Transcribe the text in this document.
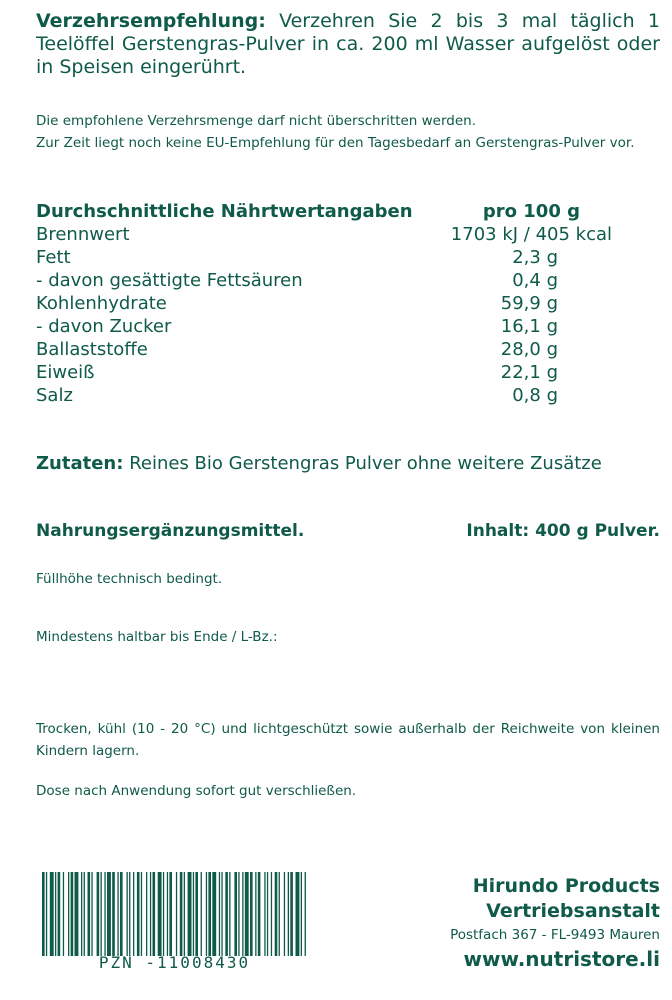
Verzehrsempfehlung: Verzehren Sie 2 bis 3 mal täglich 1 Teelöffel Gerstengras-Pulver in ca. 200 ml Wasser aufgelöst oder in Speisen eingerührt.
Die empfohlene Verzehrsmenge darf nicht überschritten werden.
Zur Zeit liegt noch keine EU-Empfehlung für den Tagesbedarf an Gerstengras-Pulver vor.
Durchschnittliche Nährtwertangaben	pro 100 g
Brennwert	1703 kJ / 405 kcal
Fett	2,3 g
- davon gesättigte Fettsäuren	0,4 g
Kohlenhydrate	59,9 g
- davon Zucker	16,1 g
Ballaststoffe	28,0 g
Eiweiß	22,1 g
Salz	0,8 g
Zutaten: Reines Bio Gerstengras Pulver ohne weitere Zusätze
Nahrungsergänzungsmittel.	Inhalt: 400 g Pulver.
Füllhöhe technisch bedingt.
Mindestens haltbar bis Ende / L-Bz.:
Trocken, kühl (10 - 20 °C) und lichtgeschützt sowie außerhalb der Reichweite von kleinen Kindern lagern.
Dose nach Anwendung sofort gut verschließen.
PZN -11008430
Hirundo Products
Vertriebsanstalt
Postfach 367 - FL-9493 Mauren
www.nutristore.li
